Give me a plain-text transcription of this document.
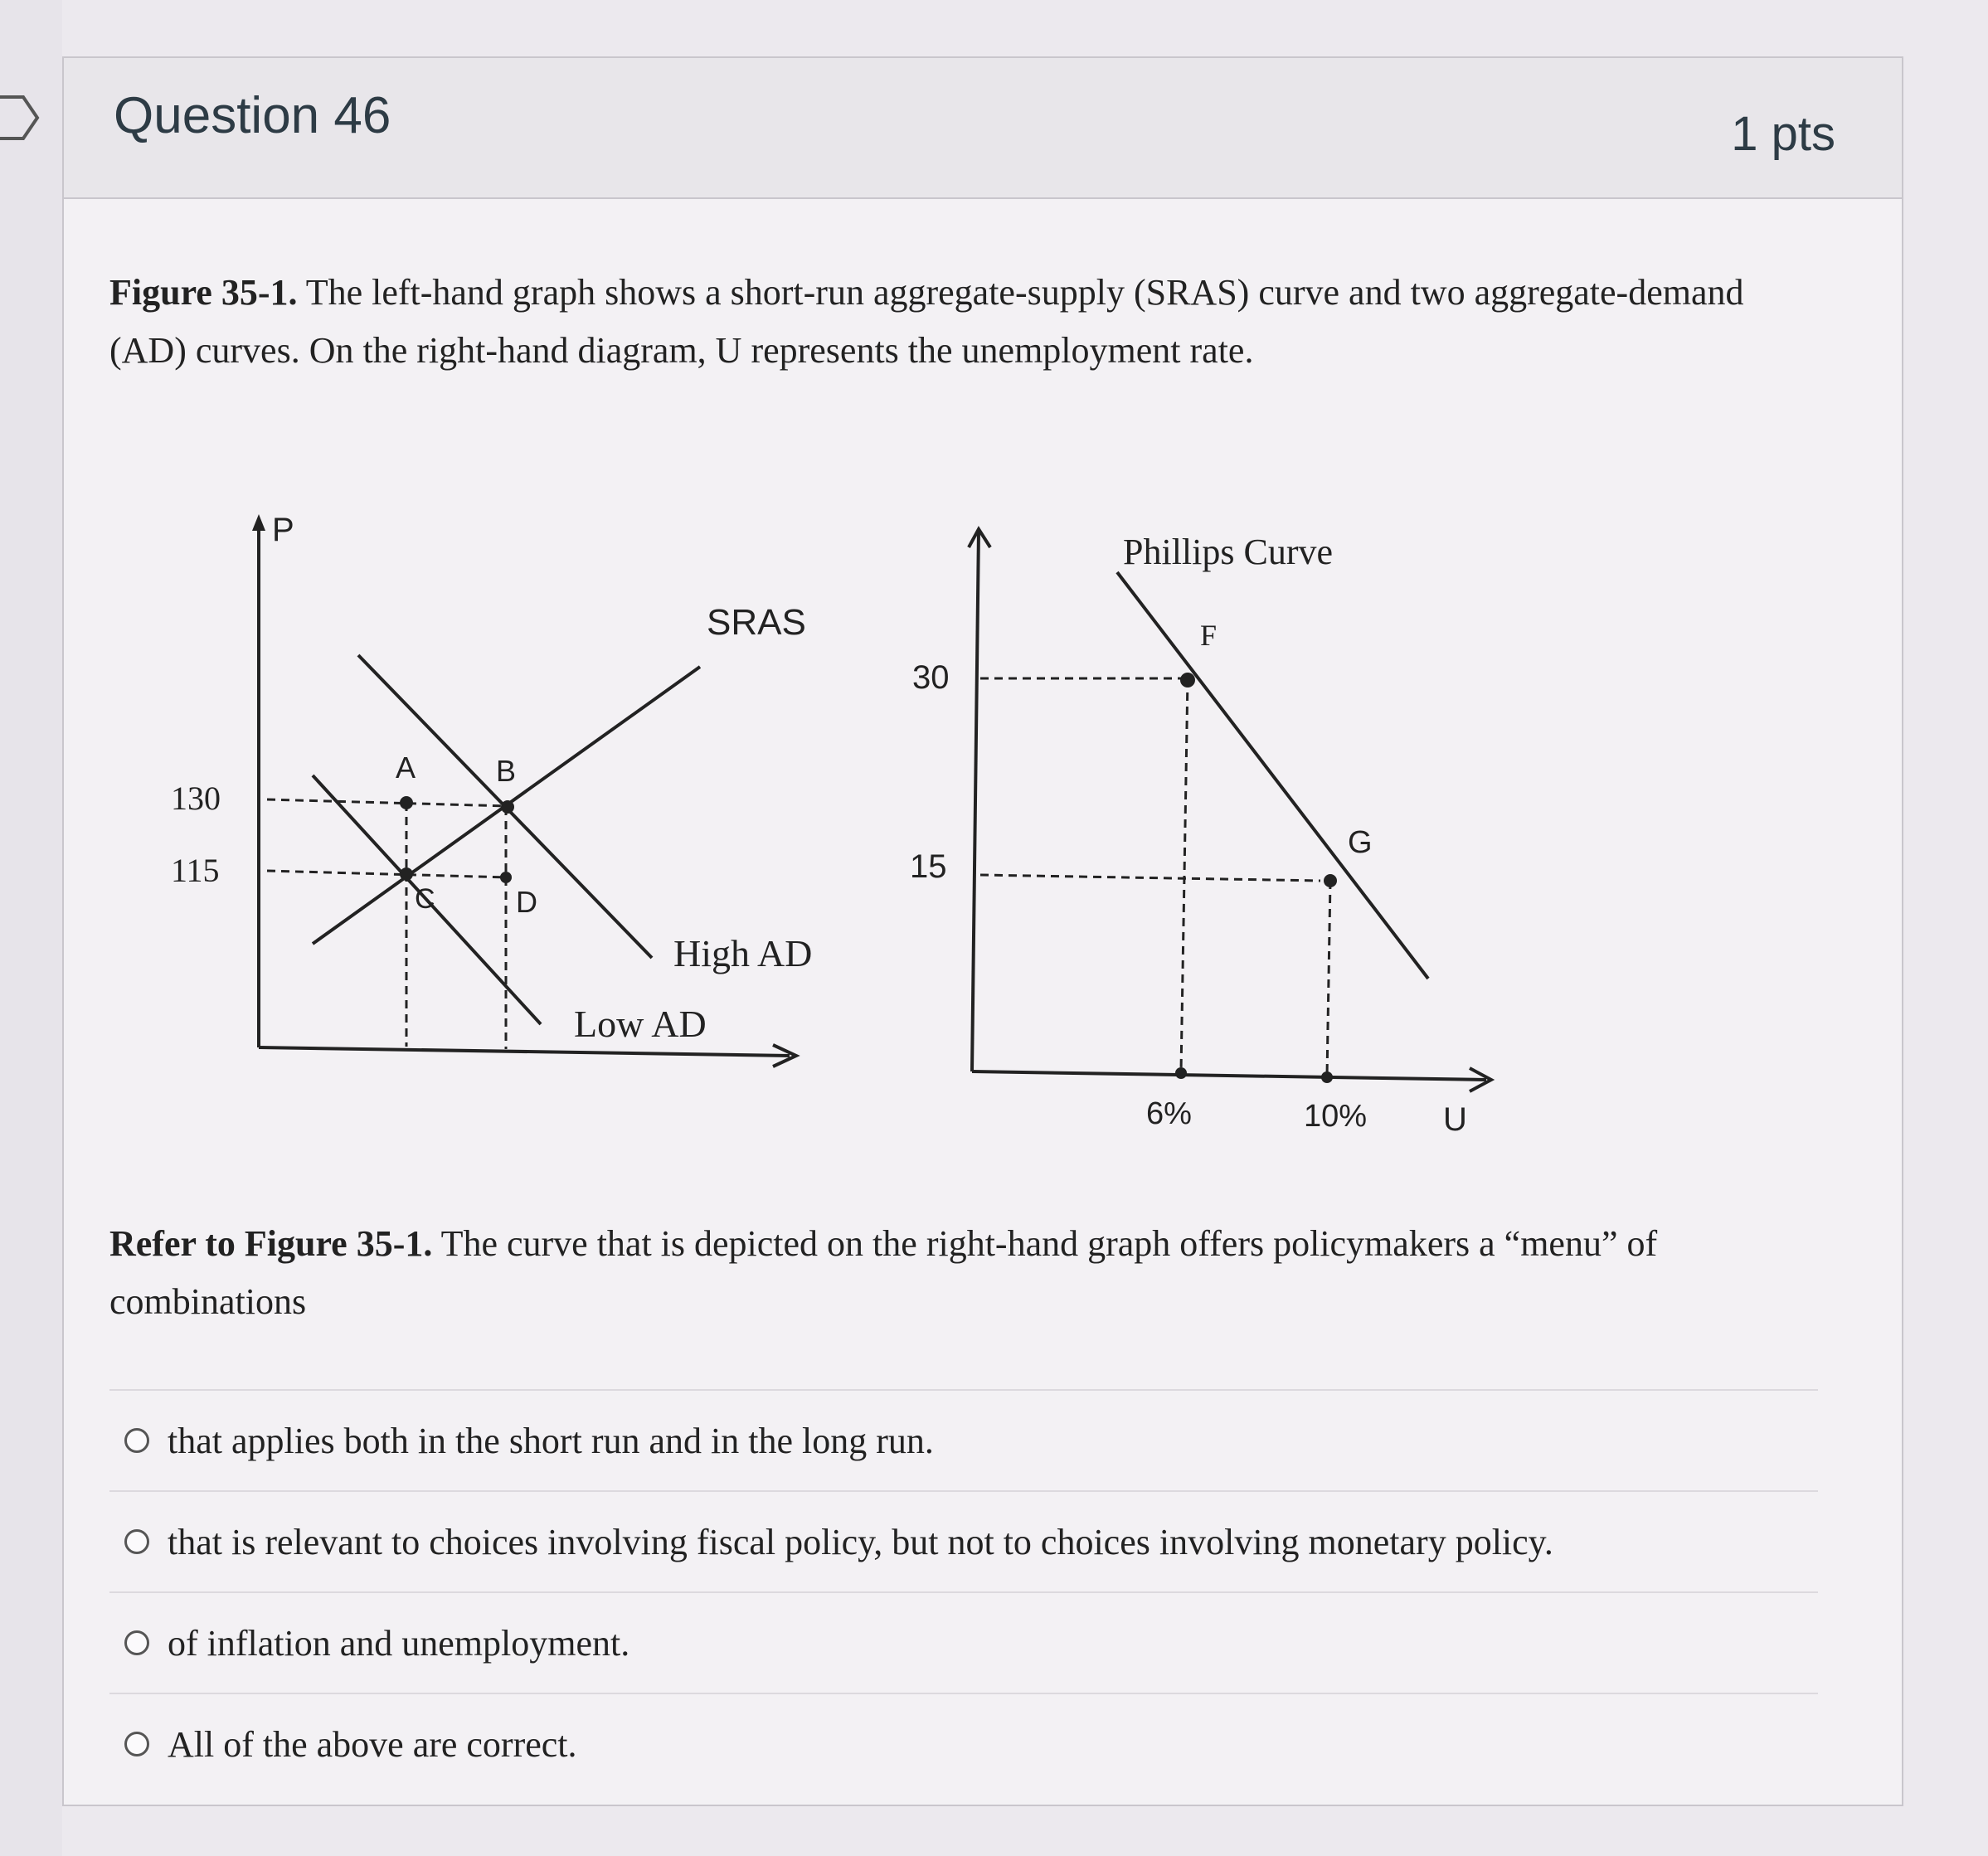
Question 46	1 pts
Figure 35-1. The left-hand graph shows a short-run aggregate-supply (SRAS) curve and two aggregate-demand (AD) curves. On the right-hand diagram, U represents the unemployment rate.
P
130
115
A	B
C	D
SRAS
High AD
Low AD
Phillips Curve
F
G
30
15
6%	10% U
Refer to Figure 35-1. The curve that is depicted on the right-hand graph offers policymakers a “menu” of combinations
that applies both in the short run and in the long run.
that is relevant to choices involving fiscal policy, but not to choices involving monetary policy.
of inflation and unemployment.
All of the above are correct.
